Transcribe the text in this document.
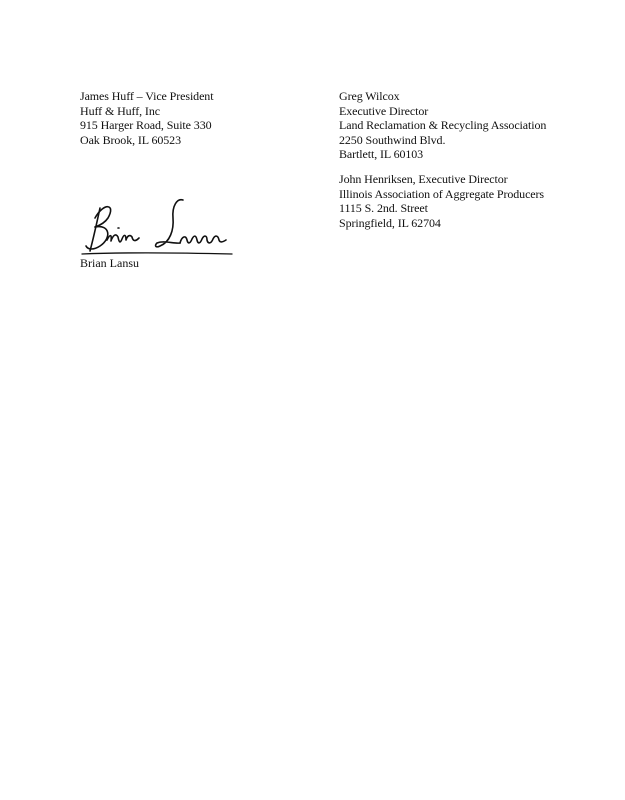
James Huff – Vice President
Huff & Huff, Inc
915 Harger Road, Suite 330
Oak Brook, IL 60523
Greg Wilcox
Executive Director
Land Reclamation & Recycling Association
2250 Southwind Blvd.
Bartlett, IL 60103
John Henriksen, Executive Director
Illinois Association of Aggregate Producers
1115 S. 2nd. Street
Springfield, IL 62704
Brian Lansu
